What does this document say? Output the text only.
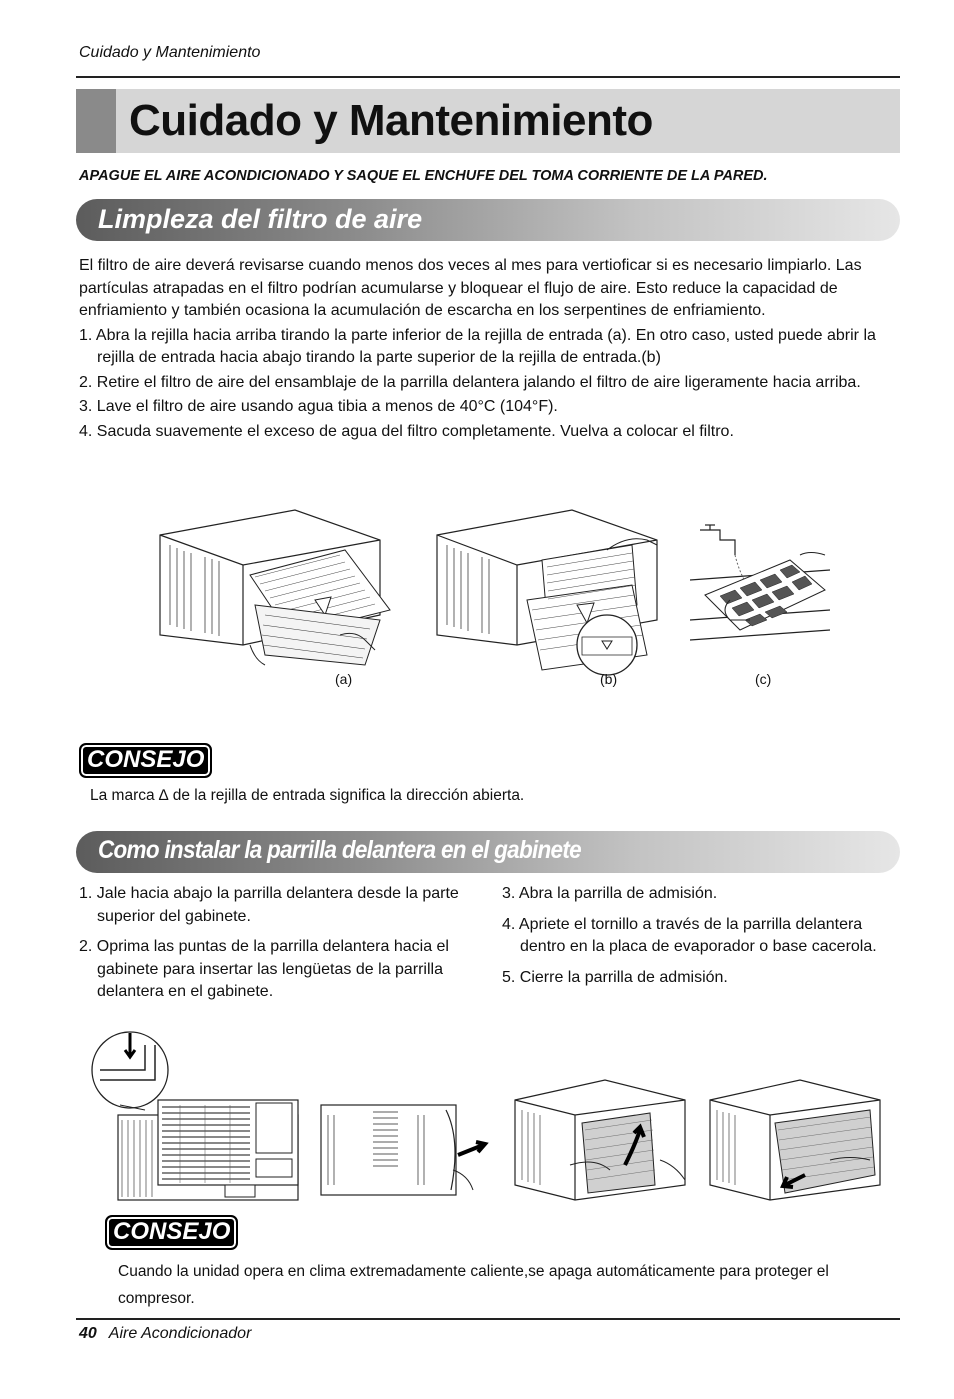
Cuidado y Mantenimiento
Cuidado y Mantenimiento
APAGUE EL AIRE ACONDICIONADO Y SAQUE EL ENCHUFE DEL TOMA CORRIENTE DE LA PARED.
Limpleza del filtro de aire
El filtro de aire deverá revisarse cuando menos dos veces al mes para vertioficar si es necesario limpiarlo. Las partículas atrapadas en el filtro podrían acumularse y bloquear el flujo de aire. Esto reduce la capacidad de enfriamiento y también ocasiona la acumulación de escarcha en los serpentines de enfriamiento.
1. Abra la rejilla hacia arriba tirando la parte inferior de la rejilla de entrada (a). En otro caso, usted puede abrir la rejilla de entrada hacia abajo tirando la parte superior de la rejilla de entrada.(b)
2. Retire el filtro de aire del ensamblaje de la parrilla delantera jalando el filtro de aire ligeramente hacia arriba.
3. Lave el filtro de aire usando agua tibia a menos de 40°C (104°F).
4. Sacuda suavemente el exceso de agua del filtro completamente. Vuelva a colocar el filtro.
(a)	(b)	(c)
CONSEJO
La marca ∆ de la rejilla de entrada significa la dirección abierta.
Como instalar la parrilla delantera en el gabinete
1. Jale hacia abajo la parrilla delantera desde la parte superior del gabinete.
2. Oprima las puntas de la parrilla delantera hacia el gabinete para insertar las lengüetas de la parrilla delantera en el gabinete.
3. Abra la parrilla de admisión.
4. Apriete el tornillo a través de la parrilla delantera dentro en la placa de evaporador o base cacerola.
5. Cierre la parrilla de admisión.
CONSEJO
Cuando la unidad opera en clima extremadamente caliente,se apaga automáticamente para proteger el compresor.
40 Aire Acondicionador
